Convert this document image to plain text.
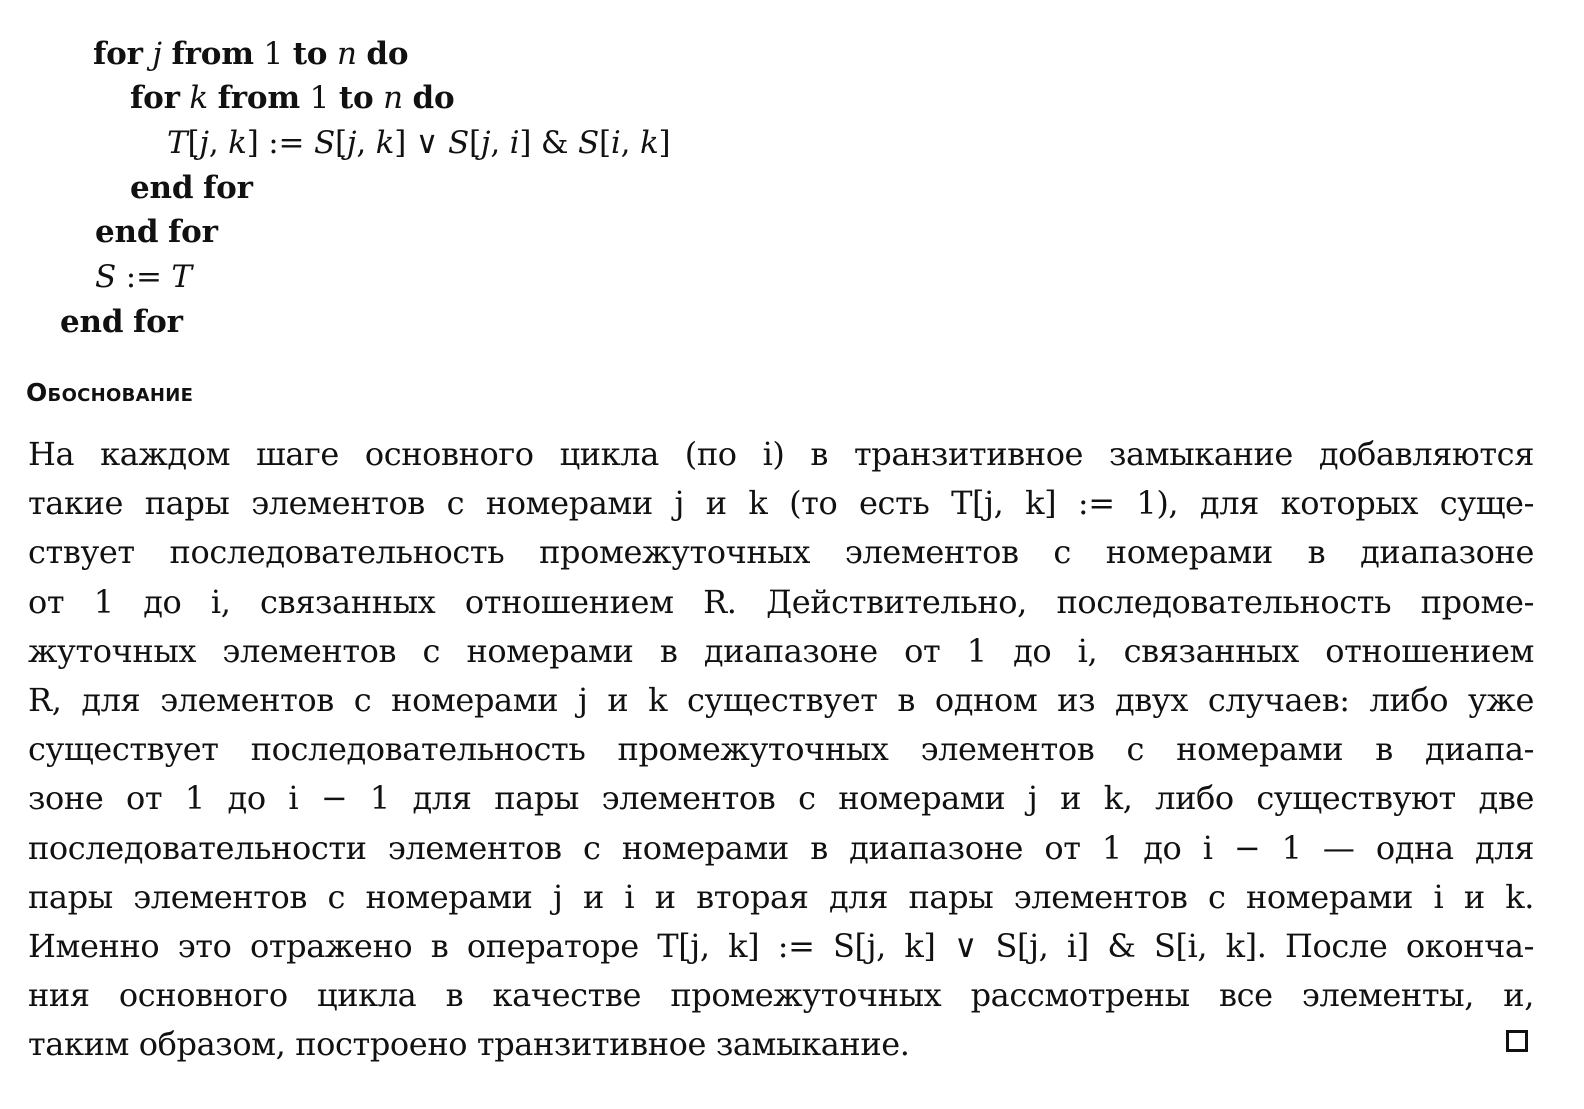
for j from 1 to n do
for k from 1 to n do
T[j, k] := S[j, k] ∨ S[j, i] & S[i, k]
end for
end for
S := T
end for
Обоснование
На каждом шаге основного цикла (по i) в транзитивное замыкание добавляются
такие пары элементов с номерами j и k (то есть T[j, k] := 1), для которых суще-
ствует последовательность промежуточных элементов с номерами в диапазоне
от 1 до i, связанных отношением R. Действительно, последовательность проме-
жуточных элементов с номерами в диапазоне от 1 до i, связанных отношением
R, для элементов с номерами j и k существует в одном из двух случаев: либо уже
существует последовательность промежуточных элементов с номерами в диапа-
зоне от 1 до i − 1 для пары элементов с номерами j и k, либо существуют две
последовательности элементов с номерами в диапазоне от 1 до i − 1 — одна для
пары элементов с номерами j и i и вторая для пары элементов с номерами i и k.
Именно это отражено в операторе T[j, k] := S[j, k] ∨ S[j, i] & S[i, k]. После оконча-
ния основного цикла в качестве промежуточных рассмотрены все элементы, и,
таким образом, построено транзитивное замыкание.
